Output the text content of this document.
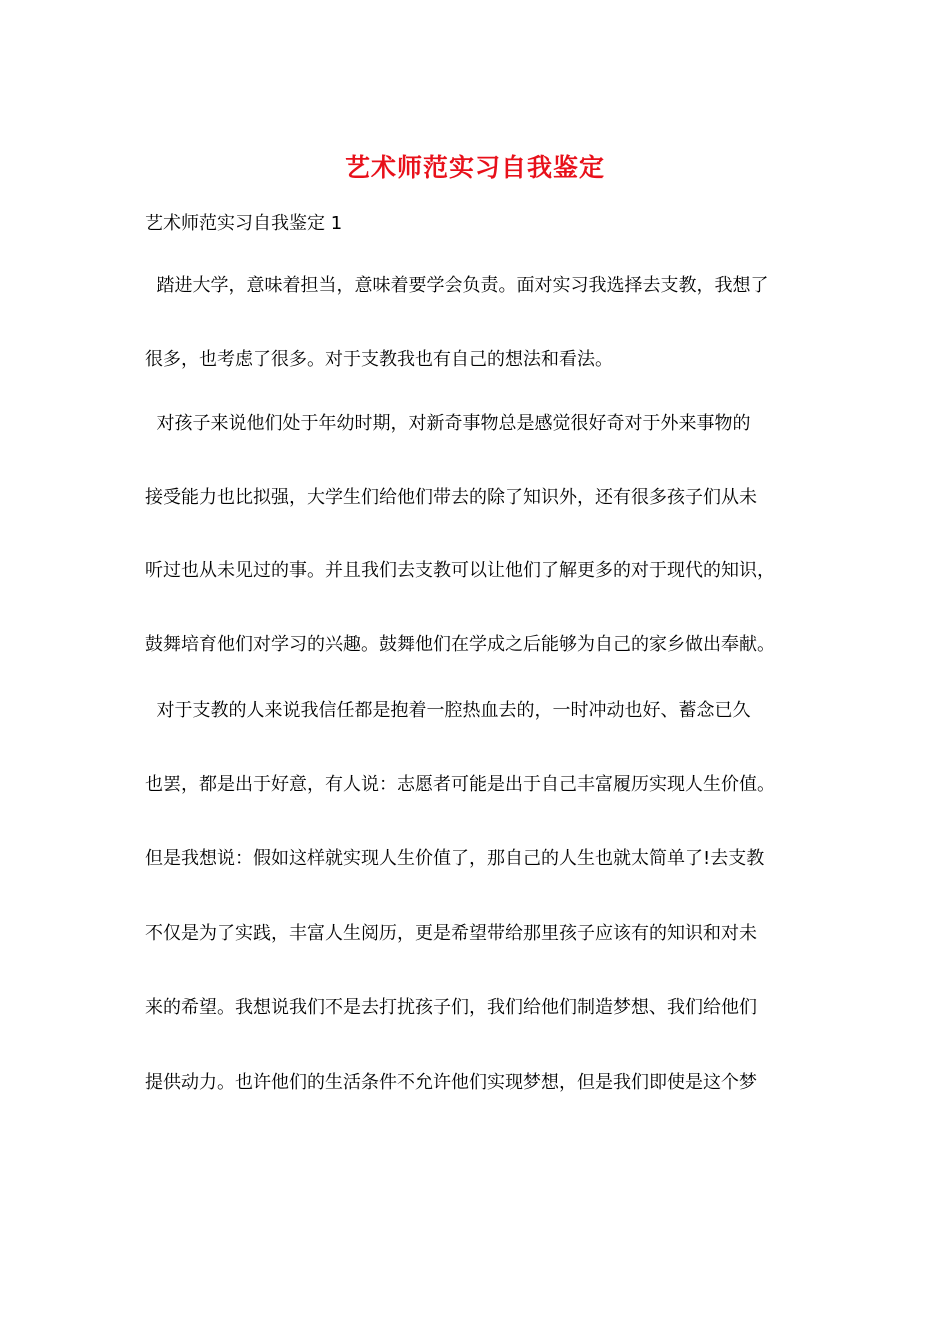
艺术师范实习自我鉴定
艺术师范实习自我鉴定 1
踏进大学，意味着担当，意味着要学会负责。面对实习我选择去支教，我想了
很多，也考虑了很多。对于支教我也有自己的想法和看法。
对孩子来说他们处于年幼时期，对新奇事物总是感觉很好奇对于外来事物的
接受能力也比拟强，大学生们给他们带去的除了知识外，还有很多孩子们从未
听过也从未见过的事。并且我们去支教可以让他们了解更多的对于现代的知识，
鼓舞培育他们对学习的兴趣。鼓舞他们在学成之后能够为自己的家乡做出奉献。
对于支教的人来说我信任都是抱着一腔热血去的，一时冲动也好、蓄念已久
也罢，都是出于好意，有人说：志愿者可能是出于自己丰富履历实现人生价值。
但是我想说：假如这样就实现人生价值了，那自己的人生也就太简单了!去支教
不仅是为了实践，丰富人生阅历，更是希望带给那里孩子应该有的知识和对未
来的希望。我想说我们不是去打扰孩子们，我们给他们制造梦想、我们给他们
提供动力。也许他们的生活条件不允许他们实现梦想，但是我们即使是这个梦
